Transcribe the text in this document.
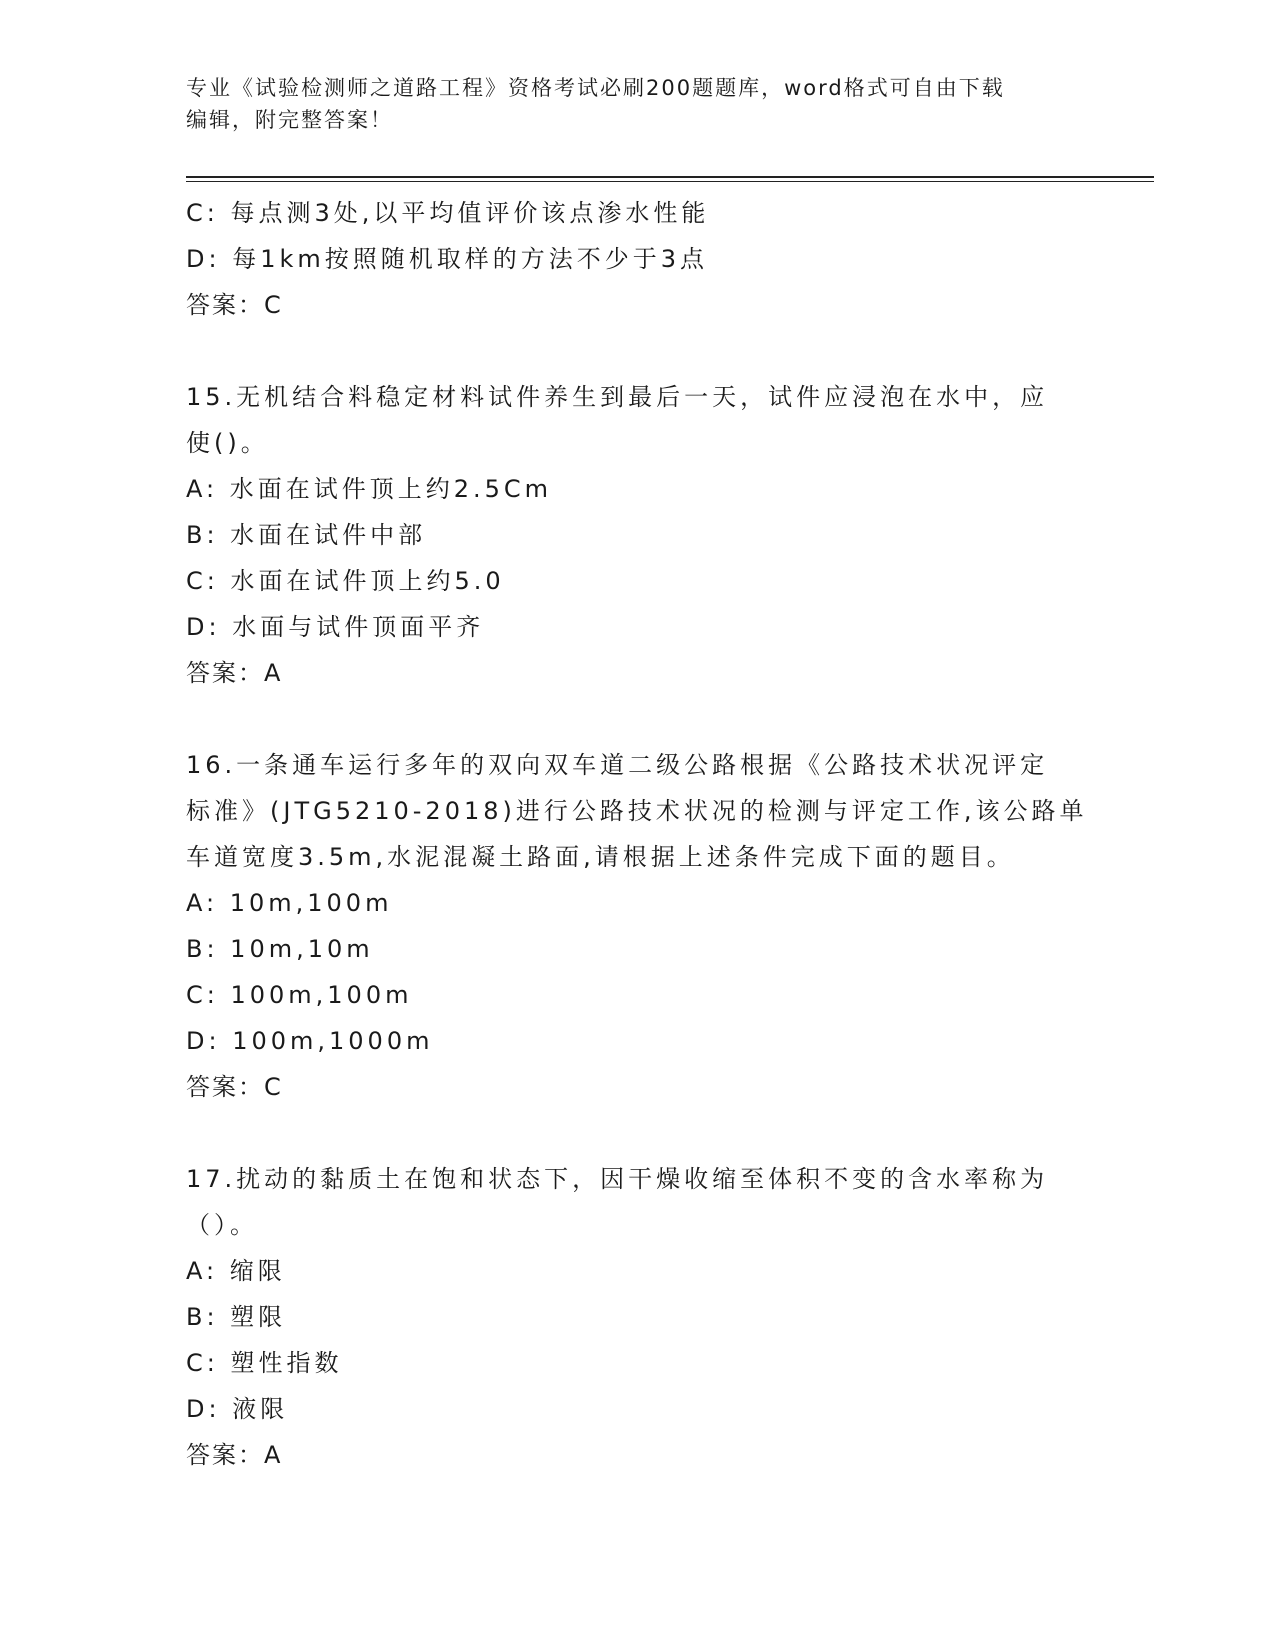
专业《试验检测师之道路工程》资格考试必刷200题题库，word格式可自由下载
编辑，附完整答案！
C: 每点测3处,以平均值评价该点渗水性能
D: 每1km按照随机取样的方法不少于3点
答案：C
15.无机结合料稳定材料试件养生到最后一天，试件应浸泡在水中，应
使()。
A: 水面在试件顶上约2.5Cm
B: 水面在试件中部
C: 水面在试件顶上约5.0
D: 水面与试件顶面平齐
答案：A
16.一条通车运行多年的双向双车道二级公路根据《公路技术状况评定
标准》(JTG5210-2018)进行公路技术状况的检测与评定工作,该公路单
车道宽度3.5m,水泥混凝土路面,请根据上述条件完成下面的题目。
A: 10m,100m
B: 10m,10m
C: 100m,100m
D: 100m,1000m
答案：C
17.扰动的黏质土在饱和状态下，因干燥收缩至体积不变的含水率称为
（）。
A: 缩限
B: 塑限
C: 塑性指数
D: 液限
答案：A
